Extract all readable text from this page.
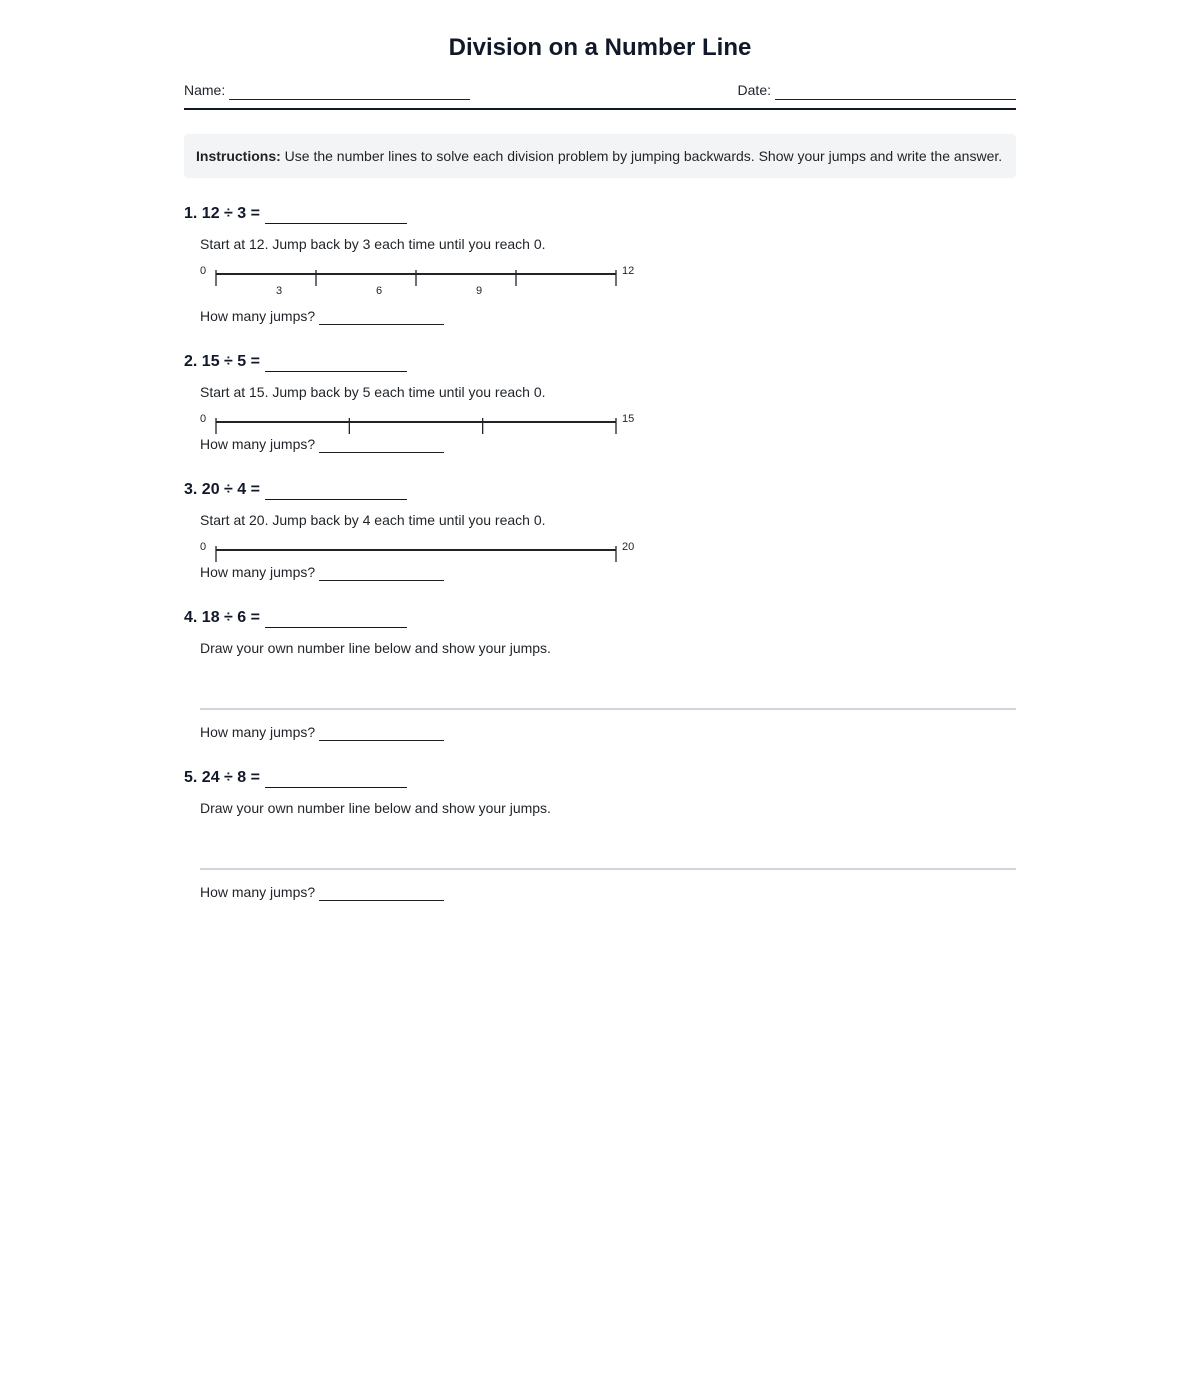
Division on a Number Line
Name:	Date:
Instructions: Use the number lines to solve each division problem by jumping backwards. Show your jumps and write the answer.
1.
12 ÷ 3 =
Start at 12. Jump back by 3 each time until you reach 0.
0	12
3	6	9
How many jumps?
2.
15 ÷ 5 =
Start at 15. Jump back by 5 each time until you reach 0.
0	15
How many jumps?
3.
20 ÷ 4 =
Start at 20. Jump back by 4 each time until you reach 0.
0	20
How many jumps?
4.
18 ÷ 6 =
Draw your own number line below and show your jumps.
How many jumps?
5.
24 ÷ 8 =
Draw your own number line below and show your jumps.
How many jumps?
